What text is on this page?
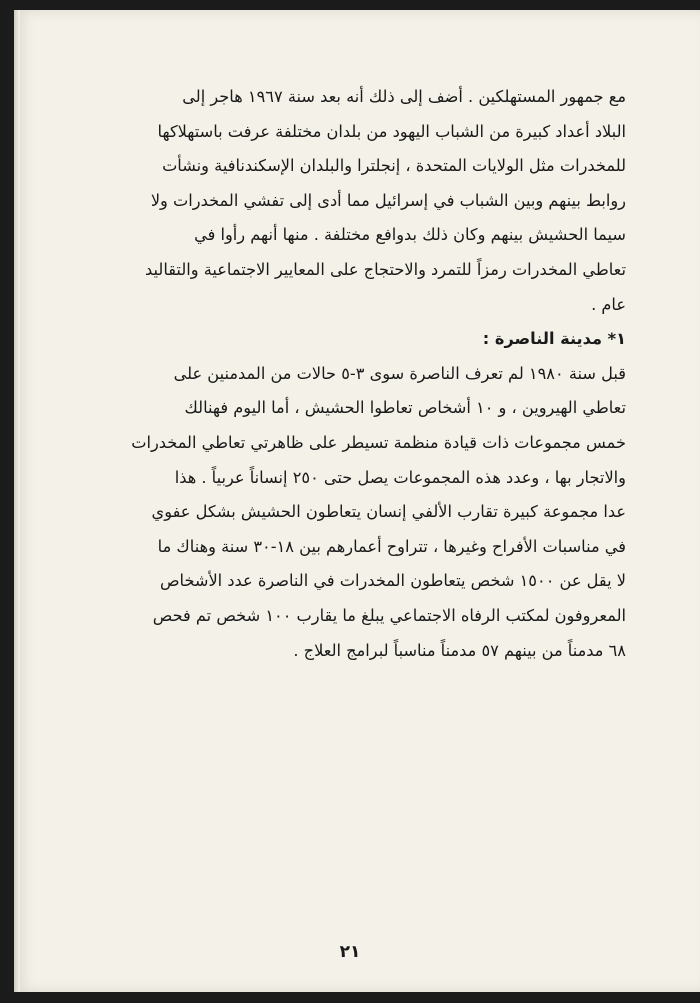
مع جمهور المستهلكين . أضف إلى ذلك أنه بعد سنة ١٩٦٧ هاجر إلى
البلاد أعداد كبيرة من الشباب اليهود من بلدان مختلفة عرفت باستهلاكها
للمخدرات مثل الولايات المتحدة ، إنجلترا والبلدان الإسكندنافية ونشأت
روابط بينهم وبين الشباب في إسرائيل مما أدى إلى تفشي المخدرات ولا
سيما الحشيش بينهم وكان ذلك بدوافع مختلفة . منها أنهم رأوا في
تعاطي المخدرات رمزاً للتمرد والاحتجاج على المعايير الاجتماعية والتقاليد
عام .
١* مدينة الناصرة :
قبل سنة ١٩٨٠ لم تعرف الناصرة سوى ٣-٥ حالات من المدمنين على
تعاطي الهيروين ، و ١٠ أشخاص تعاطوا الحشيش ، أما اليوم فهنالك
خمس مجموعات ذات قيادة منظمة تسيطر على ظاهرتي تعاطي المخدرات
والاتجار بها ، وعدد هذه المجموعات يصل حتى ٢٥٠ إنساناً عربياً . هذا
عدا مجموعة كبيرة تقارب الألفي إنسان يتعاطون الحشيش بشكل عفوي
في مناسبات الأفراح وغيرها ، تتراوح أعمارهم بين ١٨-٣٠ سنة وهناك ما
لا يقل عن ١٥٠٠ شخص يتعاطون المخدرات في الناصرة عدد الأشخاص
المعروفون لمكتب الرفاه الاجتماعي يبلغ ما يقارب ١٠٠ شخص تم فحص
٦٨ مدمناً من بينهم ٥٧ مدمناً مناسباً لبرامج العلاج .
٢١
